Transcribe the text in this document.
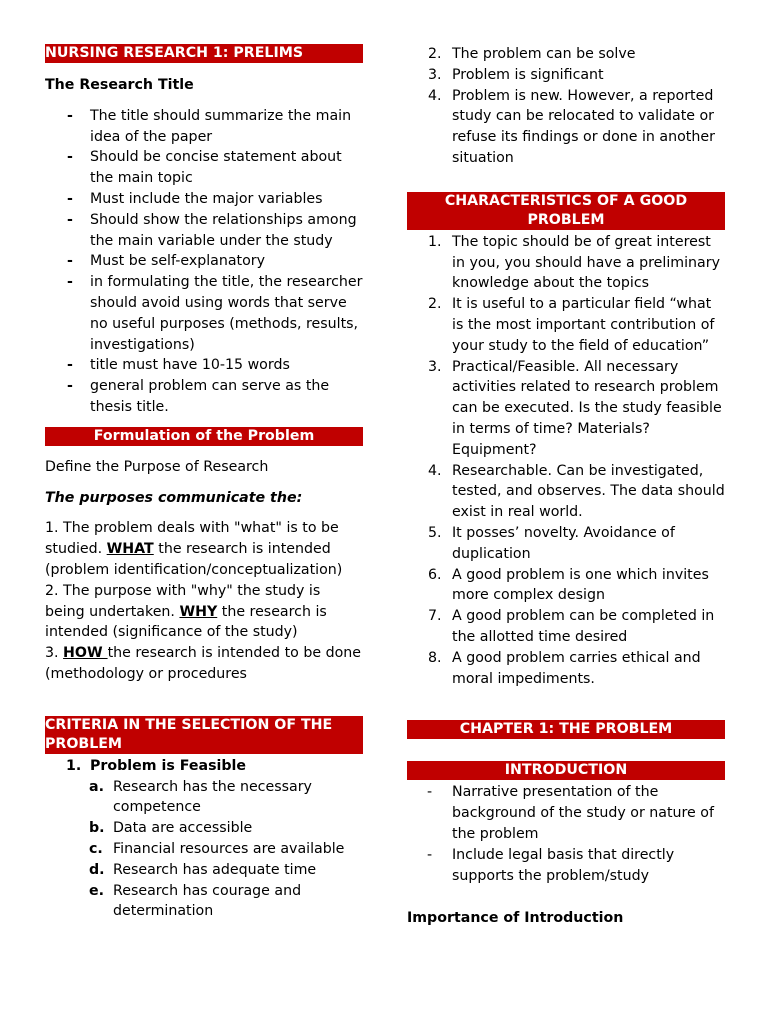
NURSING RESEARCH 1: PRELIMS
The Research Title
- The title should summarize the main idea of the paper
- Should be concise statement about the main topic
- Must include the major variables
- Should show the relationships among the main variable under the study
- Must be self-explanatory
- in formulating the title, the researcher should avoid using words that serve no useful purposes (methods, results, investigations)
- title must have 10-15 words
- general problem can serve as the thesis title.
Formulation of the Problem
Define the Purpose of Research
The purposes communicate the:
1. The problem deals with "what" is to be studied. WHAT the research is intended (problem identification/conceptualization)
2. The purpose with "why" the study is being undertaken. WHY the research is intended (significance of the study)
3. HOW the research is intended to be done (methodology or procedures
CRITERIA IN THE SELECTION OF THE PROBLEM
1. Problem is Feasible
a. Research has the necessary competence
b. Data are accessible
c. Financial resources are available
d. Research has adequate time
e. Research has courage and determination
2. The problem can be solve
3. Problem is significant
4. Problem is new. However, a reported study can be relocated to validate or refuse its findings or done in another situation
CHARACTERISTICS OF A GOOD PROBLEM
1. The topic should be of great interest in you, you should have a preliminary knowledge about the topics
2. It is useful to a particular field “what is the most important contribution of your study to the field of education”
3. Practical/Feasible. All necessary activities related to research problem can be executed. Is the study feasible in terms of time? Materials? Equipment?
4. Researchable. Can be investigated, tested, and observes. The data should exist in real world.
5. It posses’ novelty. Avoidance of duplication
6. A good problem is one which invites more complex design
7. A good problem can be completed in the allotted time desired
8. A good problem carries ethical and moral impediments.
CHAPTER 1: THE PROBLEM
INTRODUCTION
- Narrative presentation of the background of the study or nature of the problem
- Include legal basis that directly supports the problem/study
Importance of Introduction
